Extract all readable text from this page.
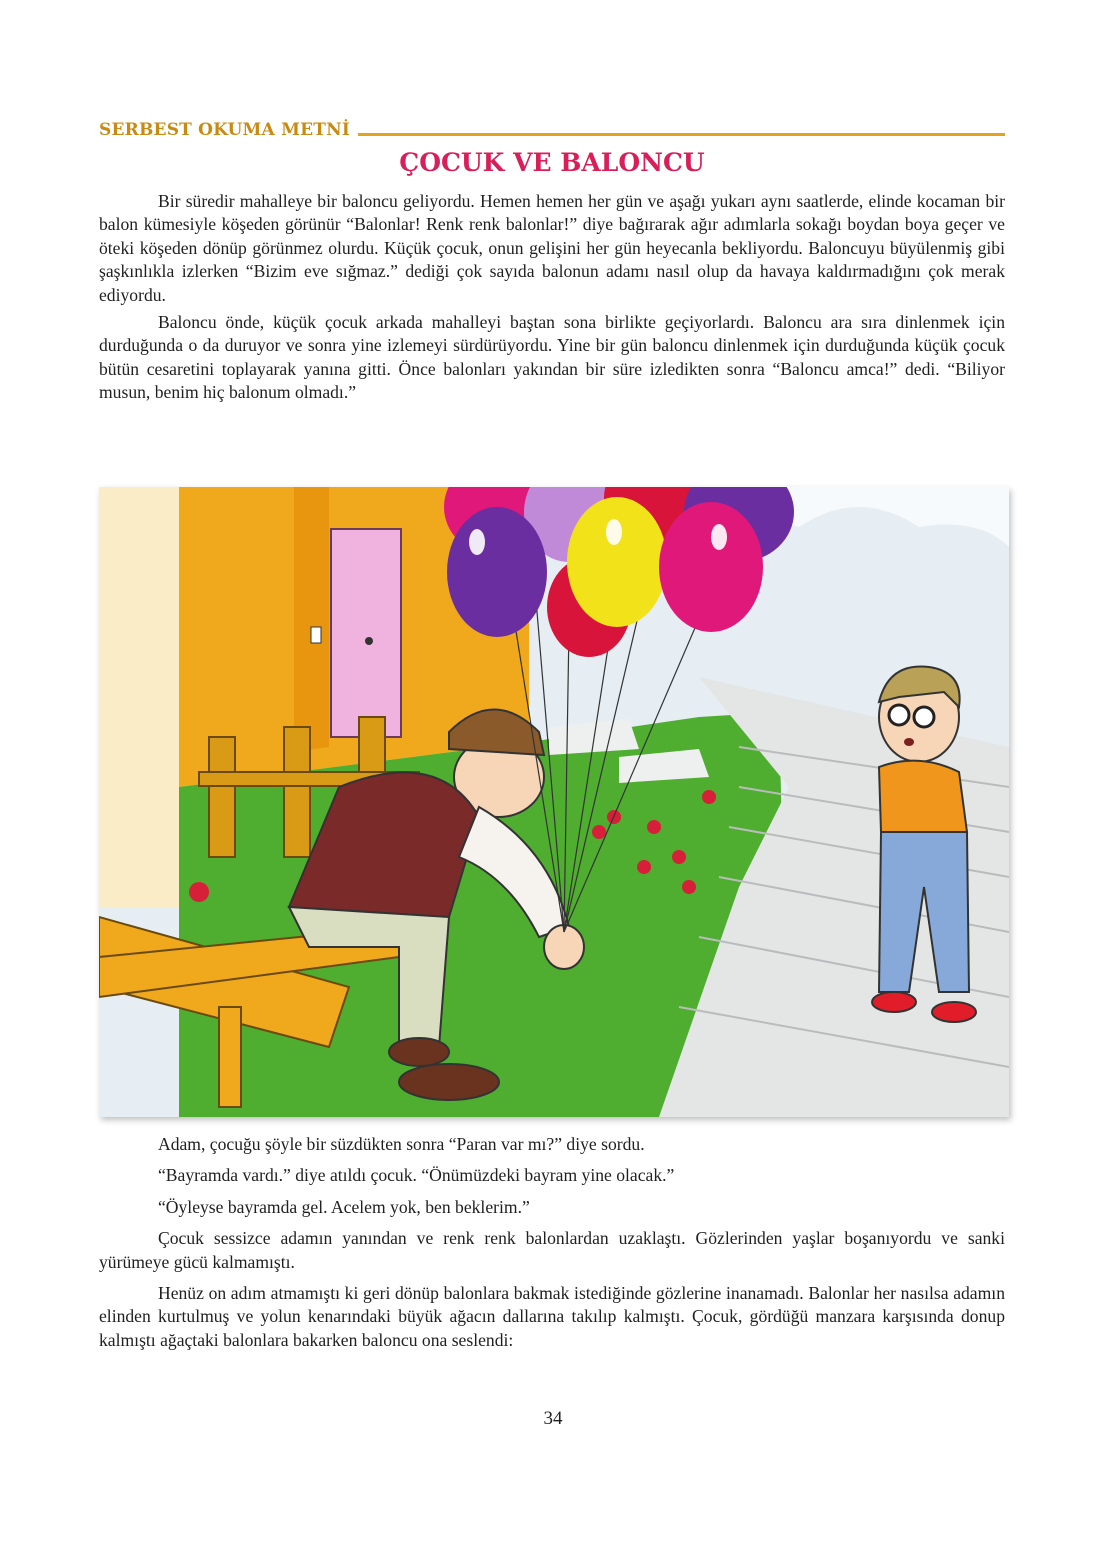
SERBEST OKUMA METNİ
ÇOCUK VE BALONCU

Bir süredir mahalleye bir baloncu geliyordu. Hemen hemen her gün ve aşağı yukarı aynı saatlerde, elinde kocaman bir balon kümesiyle köşeden görünür “Balonlar! Renk renk balonlar!” diye bağırarak ağır adımlarla sokağı boydan boya geçer ve öteki köşeden dönüp görünmez olurdu. Küçük çocuk, onun gelişini her gün heyecanla bekliyordu. Baloncuyu büyülenmiş gibi şaşkınlıkla izlerken “Bizim eve sığmaz.” dediği çok sayıda balonun adamı nasıl olup da havaya kaldırmadığını çok merak ediyordu.

Baloncu önde, küçük çocuk arkada mahalleyi baştan sona birlikte geçiyorlardı. Baloncu ara sıra dinlenmek için durduğunda o da duruyor ve sonra yine izlemeyi sürdürüyordu. Yine bir gün baloncu dinlenmek için durduğunda küçük çocuk bütün cesaretini toplayarak yanına gitti. Önce balonları yakından bir süre izledikten sonra “Baloncu amca!” dedi. “Biliyor musun, benim hiç balonum olmadı.”

Adam, çocuğu şöyle bir süzdükten sonra “Paran var mı?” diye sordu.

“Bayramda vardı.” diye atıldı çocuk. “Önümüzdeki bayram yine olacak.”

“Öyleyse bayramda gel. Acelem yok, ben beklerim.”

Çocuk sessizce adamın yanından ve renk renk balonlardan uzaklaştı. Gözlerinden yaşlar boşanıyordu ve sanki yürümeye gücü kalmamıştı.

Henüz on adım atmamıştı ki geri dönüp balonlara bakmak istediğinde gözlerine inanamadı. Balonlar her nasılsa adamın elinden kurtulmuş ve yolun kenarındaki büyük ağacın dallarına takılıp kalmıştı. Çocuk, gördüğü manzara karşısında donup kalmıştı ağaçtaki balonlara bakarken baloncu ona seslendi:

34
